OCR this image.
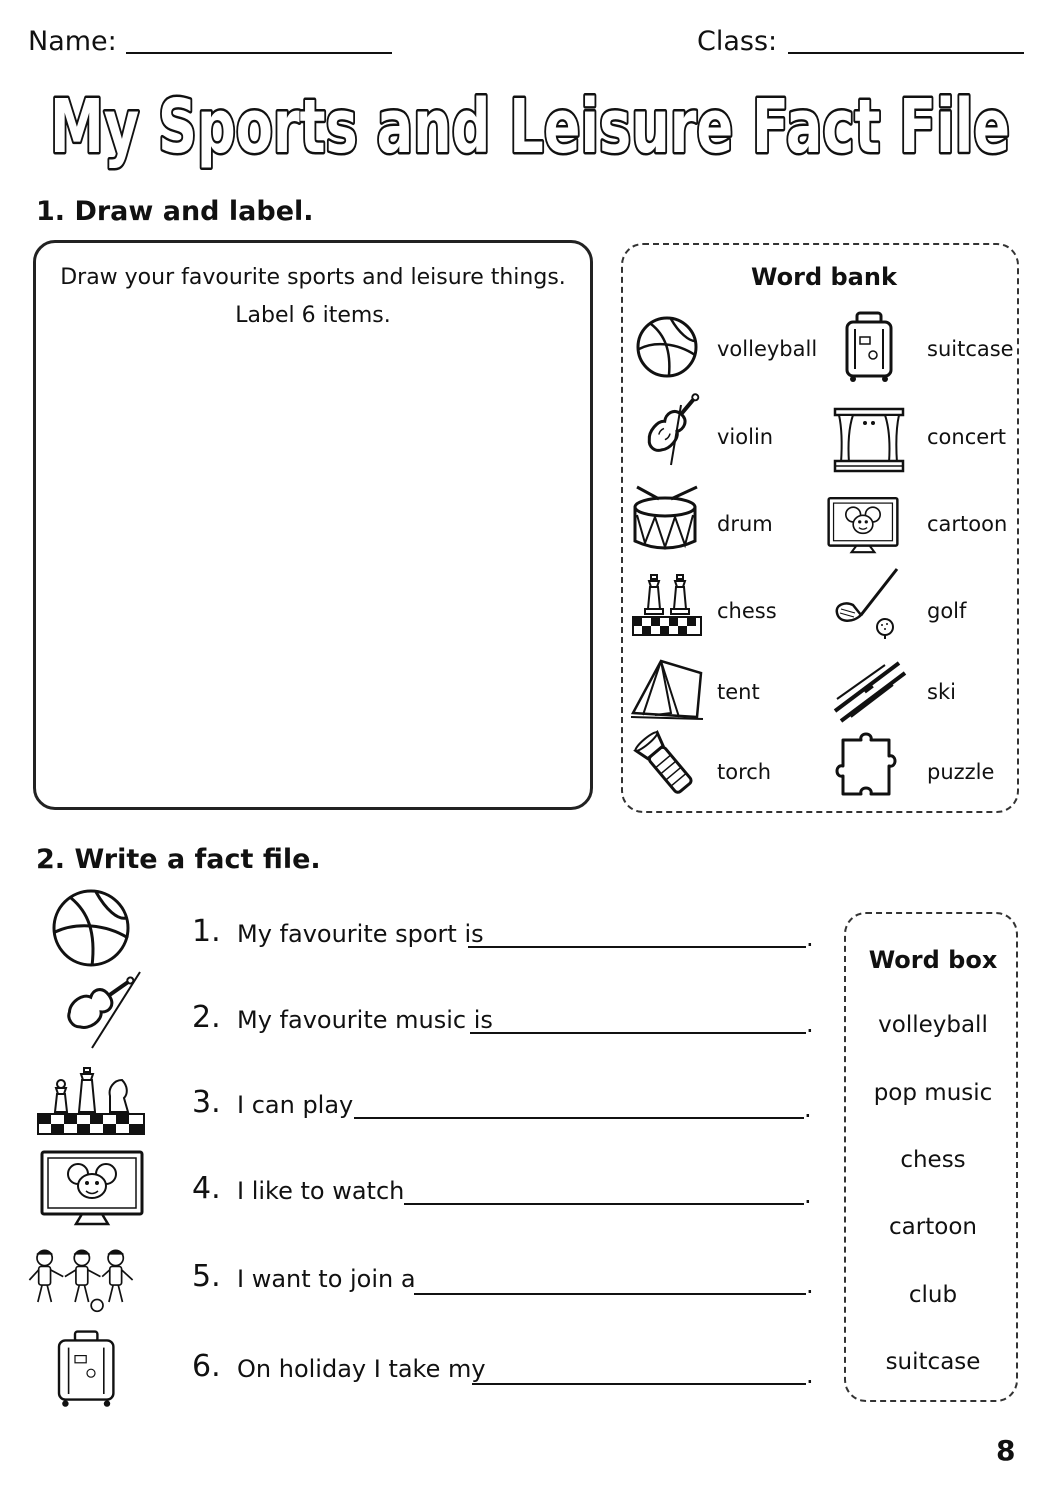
Name:	Class:
My Sports and Leisure Fact File
1. Draw and label.
Draw your favourite sports and leisure things.
Label 6 items.
Word bank
volleyball	suitcase
violin	concert
drum	cartoon
chess	golf
tent	ski
torch	puzzle
2. Write a fact file.
1. My favourite sport is	.
2. My favourite music is	.
3. I can play	.
4. I like to watch	.
5. I want to join a	.
6. On holiday I take my	.
Word box
volleyball
pop music
chess
cartoon
club
suitcase
8
